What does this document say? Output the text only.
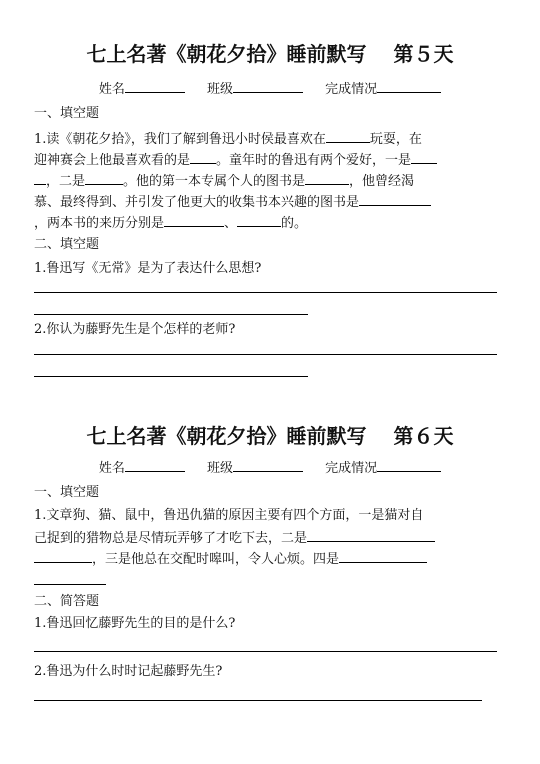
七上名著《朝花夕拾》睡前默写　 第５天
姓名	班级	完成情况
一、填空题
1.读《朝花夕拾》，我们了解到鲁迅小时侯最喜欢在	玩耍，在
迎神赛会上他最喜欢看的是 。童年时的鲁迅有两个爱好，一是
，二是	。他的第一本专属个人的图书是	，他曾经渴
慕、最终得到、并引发了他更大的收集书本兴趣的图书是
，两本书的来历分别是	、	的。
二、填空题
1.鲁迅写《无常》是为了表达什么思想?
2.你认为藤野先生是个怎样的老师?
七上名著《朝花夕拾》睡前默写　 第６天
姓名	班级	完成情况
一、填空题
1.文章狗、猫、鼠中，鲁迅仇猫的原因主要有四个方面，一是猫对自
己捉到的猎物总是尽情玩弄够了才吃下去，二是
，三是他总在交配时嗥叫，令人心烦。四是
二、简答题
1.鲁迅回忆藤野先生的目的是什么?
2.鲁迅为什么时时记起藤野先生?
